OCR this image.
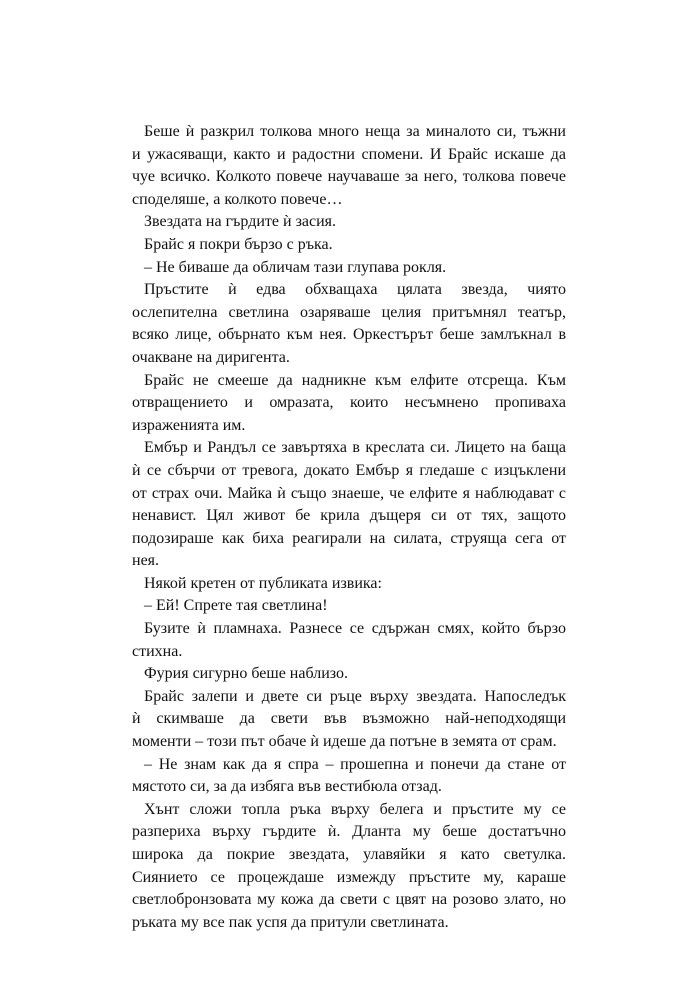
Беше ѝ разкрил толкова много неща за миналото си, тъжни
и ужасяващи, както и радостни спомени. И Брайс искаше да
чуе всичко. Колкото повече научаваше за него, толкова повече
споделяше, а колкото повече…
Звездата на гърдите ѝ засия.
Брайс я покри бързо с ръка.
– Не биваше да обличам тази глупава рокля.
Пръстите ѝ едва обхващаха цялата звезда, чиято
ослепителна светлина озаряваше целия притъмнял театър,
всяко лице, обърнато към нея. Оркестърът беше замлъкнал в
очакване на диригента.
Брайс не смееше да надникне към елфите отсреща. Към
отвращението и омразата, които несъмнено пропиваха
израженията им.
Ембър и Рандъл се завъртяха в креслата си. Лицето на баща
ѝ се сбърчи от тревога, докато Ембър я гледаше с изцъклени
от страх очи. Майка ѝ също знаеше, че елфите я наблюдават с
ненавист. Цял живот бе крила дъщеря си от тях, защото
подозираше как биха реагирали на силата, струяща сега от
нея.
Някой кретен от публиката извика:
– Ей! Спрете тая светлина!
Бузите ѝ пламнаха. Разнесе се сдържан смях, който бързо
стихна.
Фурия сигурно беше наблизо.
Брайс залепи и двете си ръце върху звездата. Напоследък
ѝ скимваше да свети във възможно най-неподходящи
моменти – този път обаче ѝ идеше да потъне в земята от срам.
– Не знам как да я спра – прошепна и понечи да стане от
мястото си, за да избяга във вестибюла отзад.
Хънт сложи топла ръка върху белега и пръстите му се
разпериха върху гърдите ѝ. Дланта му беше достатъчно
широка да покрие звездата, улавяйки я като светулка.
Сиянието се процеждаше измежду пръстите му, караше
светлобронзовата му кожа да свети с цвят на розово злато, но
ръката му все пак успя да притули светлината.
